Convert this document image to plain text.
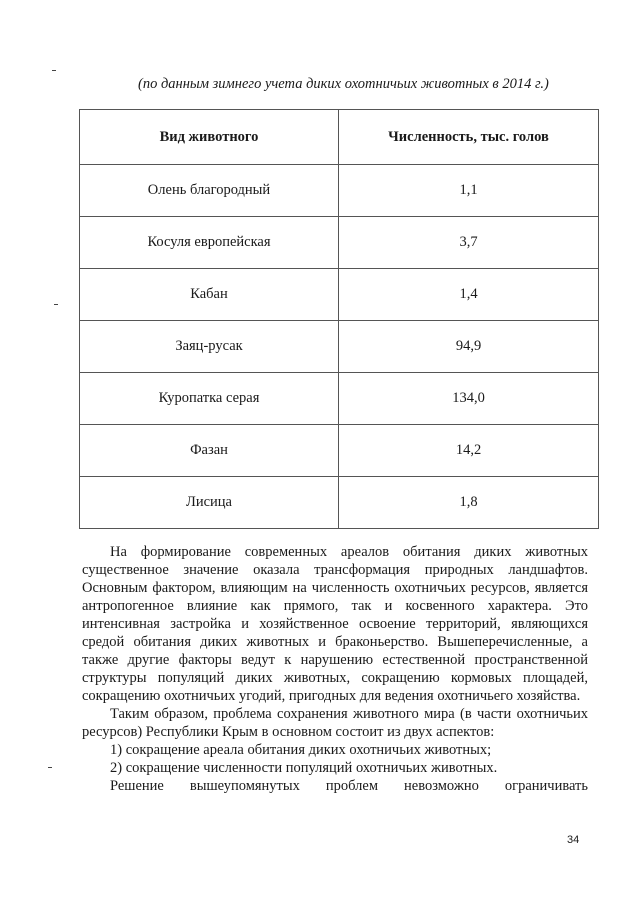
(по данным зимнего учета диких охотничьих животных в 2014 г.)
Вид животного	Численность, тыс. голов
Олень благородный	1,1
Косуля европейская	3,7
Кабан	1,4
Заяц-русак	94,9
Куропатка серая	134,0
Фазан	14,2
Лисица	1,8

На формирование современных ареалов обитания диких животных существенное значение оказала трансформация природных ландшафтов. Основным фактором, влияющим на численность охотничьих ресурсов, является антропогенное влияние как прямого, так и косвенного характера. Это интенсивная застройка и хозяйственное освоение территорий, являющихся средой обитания диких животных и браконьерство. Вышеперечисленные, а также другие факторы ведут к нарушению естественной пространственной структуры популяций диких животных, сокращению кормовых площадей, сокращению охотничьих угодий, пригодных для ведения охотничьего хозяйства.

Таким образом, проблема сохранения животного мира (в части охотничьих ресурсов) Республики Крым в основном состоит из двух аспектов:

1) сокращение ареала обитания диких охотничьих животных;

2) сокращение численности популяций охотничьих животных.

Решение вышеупомянутых проблем невозможно ограничивать

34
